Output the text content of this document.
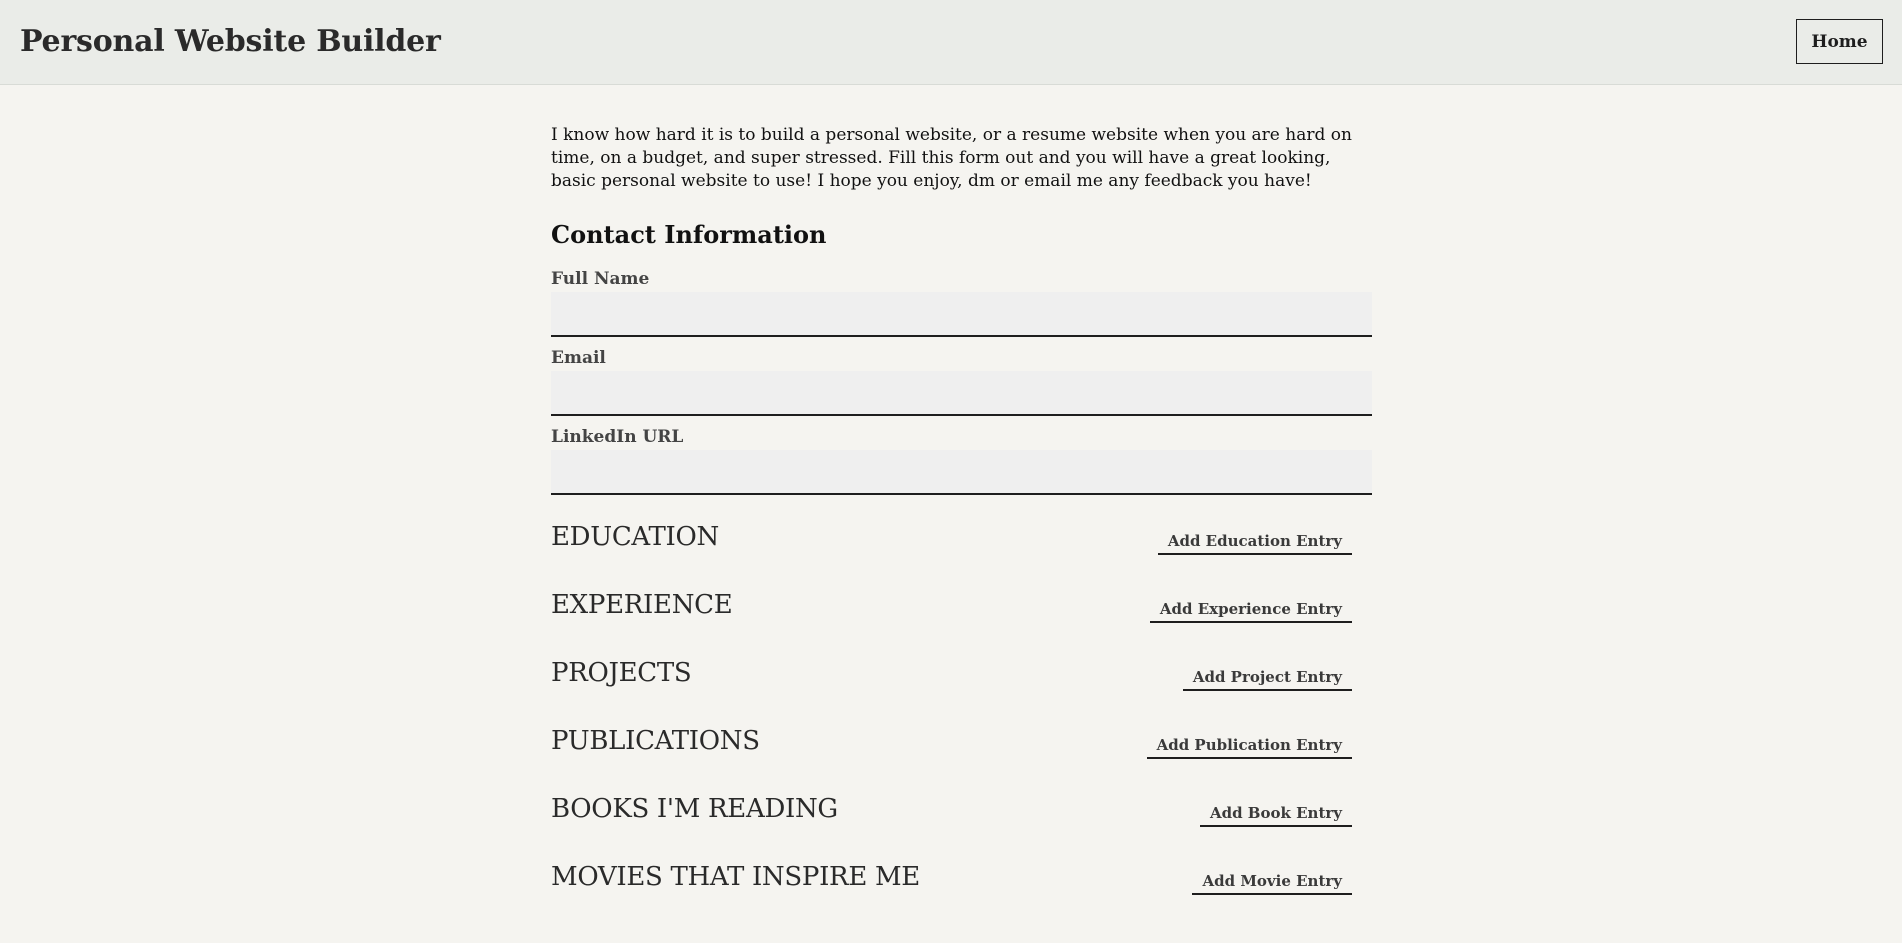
Personal Website Builder	Home

I know how hard it is to build a personal website, or a resume website when you are hard on time, on a budget, and super stressed. Fill this form out and you will have a great looking, basic personal website to use! I hope you enjoy, dm or email me any feedback you have!

Contact Information
Full Name
Email
LinkedIn URL
EDUCATION	Add Education Entry
EXPERIENCE	Add Experience Entry
PROJECTS	Add Project Entry
PUBLICATIONS	Add Publication Entry
BOOKS I'M READING	Add Book Entry
MOVIES THAT INSPIRE ME	Add Movie Entry
